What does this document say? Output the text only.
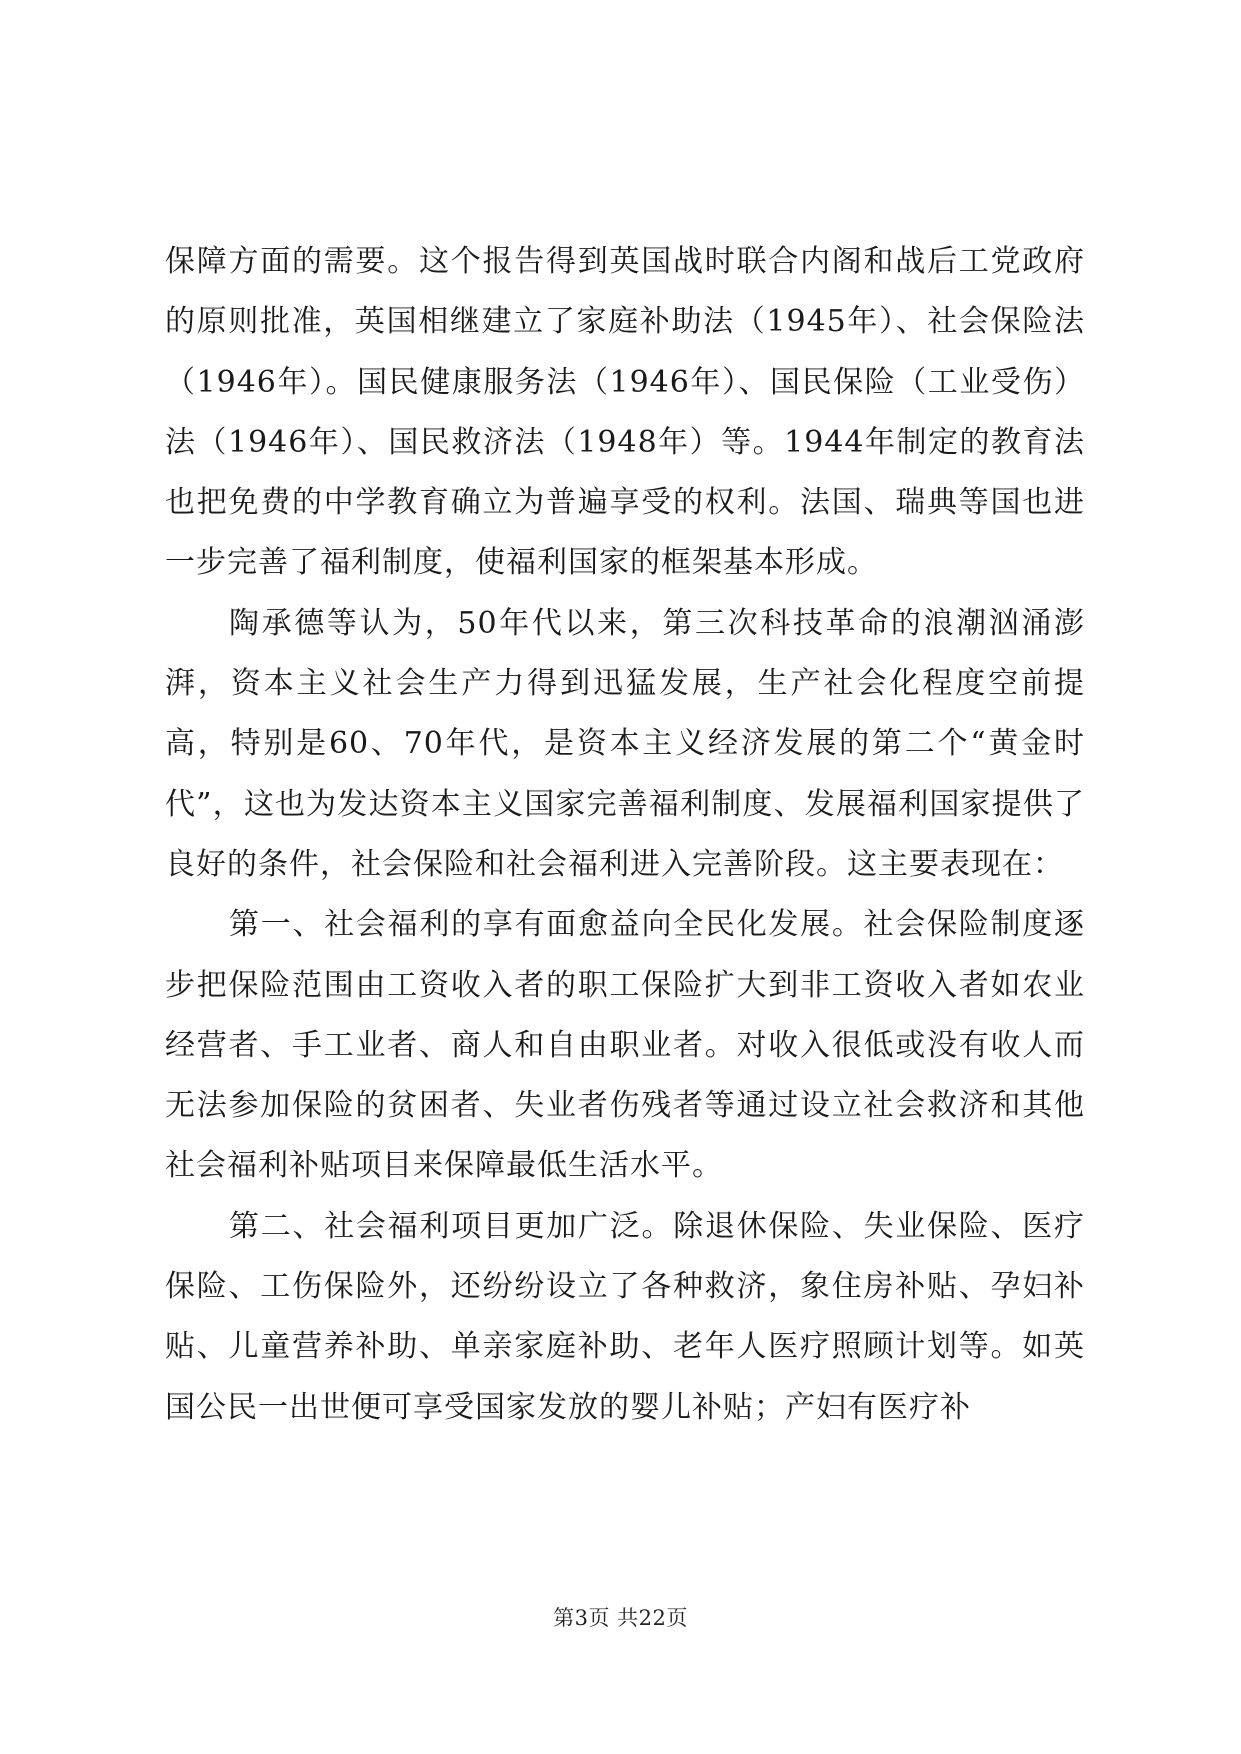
保障方面的需要。这个报告得到英国战时联合内阁和战后工党政府的原则批准，英国相继建立了家庭补助法（1945年）、社会保险法（1946年）。国民健康服务法（1946年）、国民保险（工业受伤）法（1946年）、国民救济法（1948年）等。1944年制定的教育法也把免费的中学教育确立为普遍享受的权利。法国、瑞典等国也进一步完善了福利制度，使福利国家的框架基本形成。

陶承德等认为，50年代以来，第三次科技革命的浪潮汹涌澎湃，资本主义社会生产力得到迅猛发展，生产社会化程度空前提高，特别是60、70年代，是资本主义经济发展的第二个“黄金时代”，这也为发达资本主义国家完善福利制度、发展福利国家提供了良好的条件，社会保险和社会福利进入完善阶段。这主要表现在：

第一、社会福利的享有面愈益向全民化发展。社会保险制度逐步把保险范围由工资收入者的职工保险扩大到非工资收入者如农业经营者、手工业者、商人和自由职业者。对收入很低或没有收人而无法参加保险的贫困者、失业者伤残者等通过设立社会救济和其他社会福利补贴项目来保障最低生活水平。

第二、社会福利项目更加广泛。除退休保险、失业保险、医疗保险、工伤保险外，还纷纷设立了各种救济，象住房补贴、孕妇补贴、儿童营养补助、单亲家庭补助、老年人医疗照顾计划等。如英国公民一出世便可享受国家发放的婴儿补贴；产妇有医疗补

第3页 共22页
